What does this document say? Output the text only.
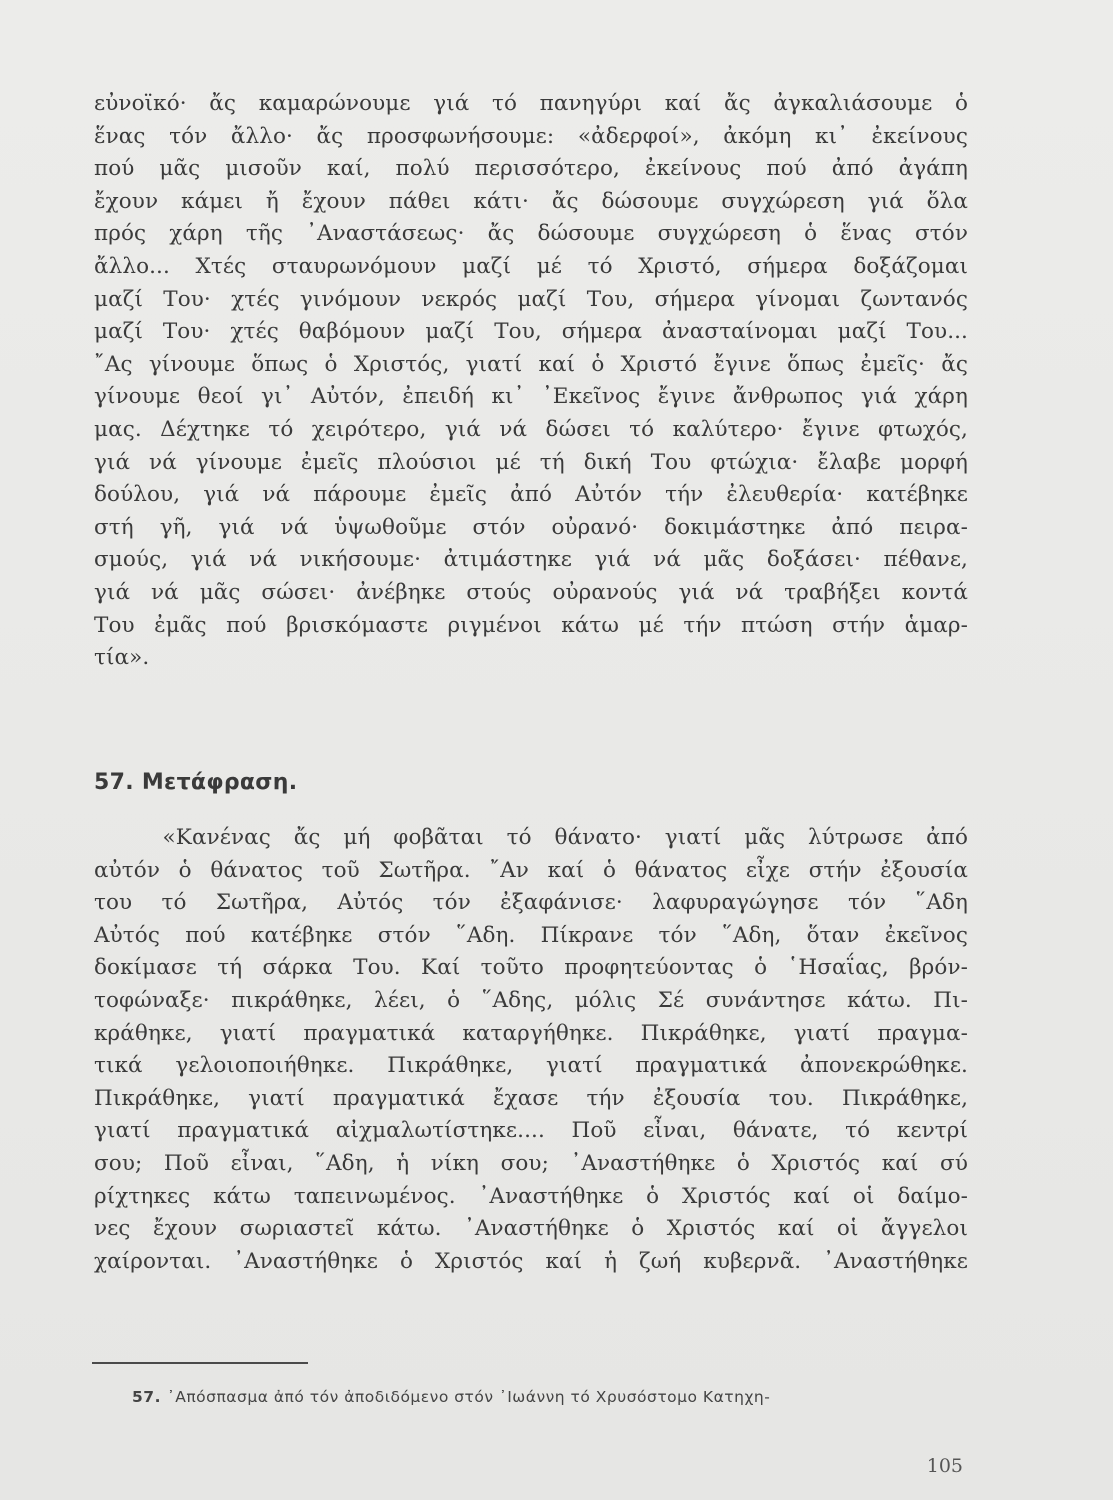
εὐνοϊκό· ἄς καμαρώνουμε γιά τό πανηγύρι καί ἄς ἀγκαλιάσουμε ὁ
ἕνας τόν ἄλλο· ἄς προσφωνήσουμε: «ἀδερφοί», ἀκόμη κι᾽ ἐκείνους
πού μᾶς μισοῦν καί, πολύ περισσότερο, ἐκείνους πού ἀπό ἀγάπη
ἔχουν κάμει ἤ ἔχουν πάθει κάτι· ἄς δώσουμε συγχώρεση γιά ὅλα
πρός χάρη τῆς ᾿Αναστάσεως· ἄς δώσουμε συγχώρεση ὁ ἕνας στόν
ἄλλο... Χτές σταυρωνόμουν μαζί μέ τό Χριστό, σήμερα δοξάζομαι
μαζί Του· χτές γινόμουν νεκρός μαζί Του, σήμερα γίνομαι ζωντανός
μαζί Του· χτές θαβόμουν μαζί Του, σήμερα ἀνασταίνομαι μαζί Του...
῎Ας γίνουμε ὅπως ὁ Χριστός, γιατί καί ὁ Χριστό ἔγινε ὅπως ἐμεῖς· ἄς
γίνουμε θεοί γι᾽ Αὐτόν, ἐπειδή κι᾽ ᾿Εκεῖνος ἔγινε ἄνθρωπος γιά χάρη
μας. Δέχτηκε τό χειρότερο, γιά νά δώσει τό καλύτερο· ἔγινε φτωχός,
γιά νά γίνουμε ἐμεῖς πλούσιοι μέ τή δική Του φτώχια· ἔλαβε μορφή
δούλου, γιά νά πάρουμε ἐμεῖς ἀπό Αὐτόν τήν ἐλευθερία· κατέβηκε
στή γῆ, γιά νά ὑψωθοῦμε στόν οὐρανό· δοκιμάστηκε ἀπό πειρα-
σμούς, γιά νά νικήσουμε· ἀτιμάστηκε γιά νά μᾶς δοξάσει· πέθανε,
γιά νά μᾶς σώσει· ἀνέβηκε στούς οὐρανούς γιά νά τραβήξει κοντά
Του ἐμᾶς πού βρισκόμαστε ριγμένοι κάτω μέ τήν πτώση στήν ἁμαρ-
τία».
57. Μετάφραση.
«Κανένας ἄς μή φοβᾶται τό θάνατο· γιατί μᾶς λύτρωσε ἀπό
αὐτόν ὁ θάνατος τοῦ Σωτῆρα. ῎Αν καί ὁ θάνατος εἶχε στήν ἐξουσία
του τό Σωτῆρα, Αὐτός τόν ἐξαφάνισε· λαφυραγώγησε τόν ῞Αδη
Αὐτός πού κατέβηκε στόν ῞Αδη. Πίκρανε τόν ῞Αδη, ὅταν ἐκεῖνος
δοκίμασε τή σάρκα Του. Καί τοῦτο προφητεύοντας ὁ ῾Ησαΐας, βρόν-
τοφώναξε· πικράθηκε, λέει, ὁ ῞Αδης, μόλις Σέ συνάντησε κάτω. Πι-
κράθηκε, γιατί πραγματικά καταργήθηκε. Πικράθηκε, γιατί πραγμα-
τικά γελοιοποιήθηκε. Πικράθηκε, γιατί πραγματικά ἀπονεκρώθηκε.
Πικράθηκε, γιατί πραγματικά ἔχασε τήν ἐξουσία του. Πικράθηκε,
γιατί πραγματικά αἰχμαλωτίστηκε.... Ποῦ εἶναι, θάνατε, τό κεντρί
σου; Ποῦ εἶναι, ῞Αδη, ἡ νίκη σου; ᾿Αναστήθηκε ὁ Χριστός καί σύ
ρίχτηκες κάτω ταπεινωμένος. ᾿Αναστήθηκε ὁ Χριστός καί οἱ δαίμο-
νες ἔχουν σωριαστεῖ κάτω. ᾿Αναστήθηκε ὁ Χριστός καί οἱ ἄγγελοι
χαίρονται. ᾿Αναστήθηκε ὁ Χριστός καί ἡ ζωή κυβερνᾶ. ᾿Αναστήθηκε
57. ᾿Απόσπασμα ἀπό τόν ἀποδιδόμενο στόν ᾿Ιωάννη τό Χρυσόστομο Κατηχη-
105
